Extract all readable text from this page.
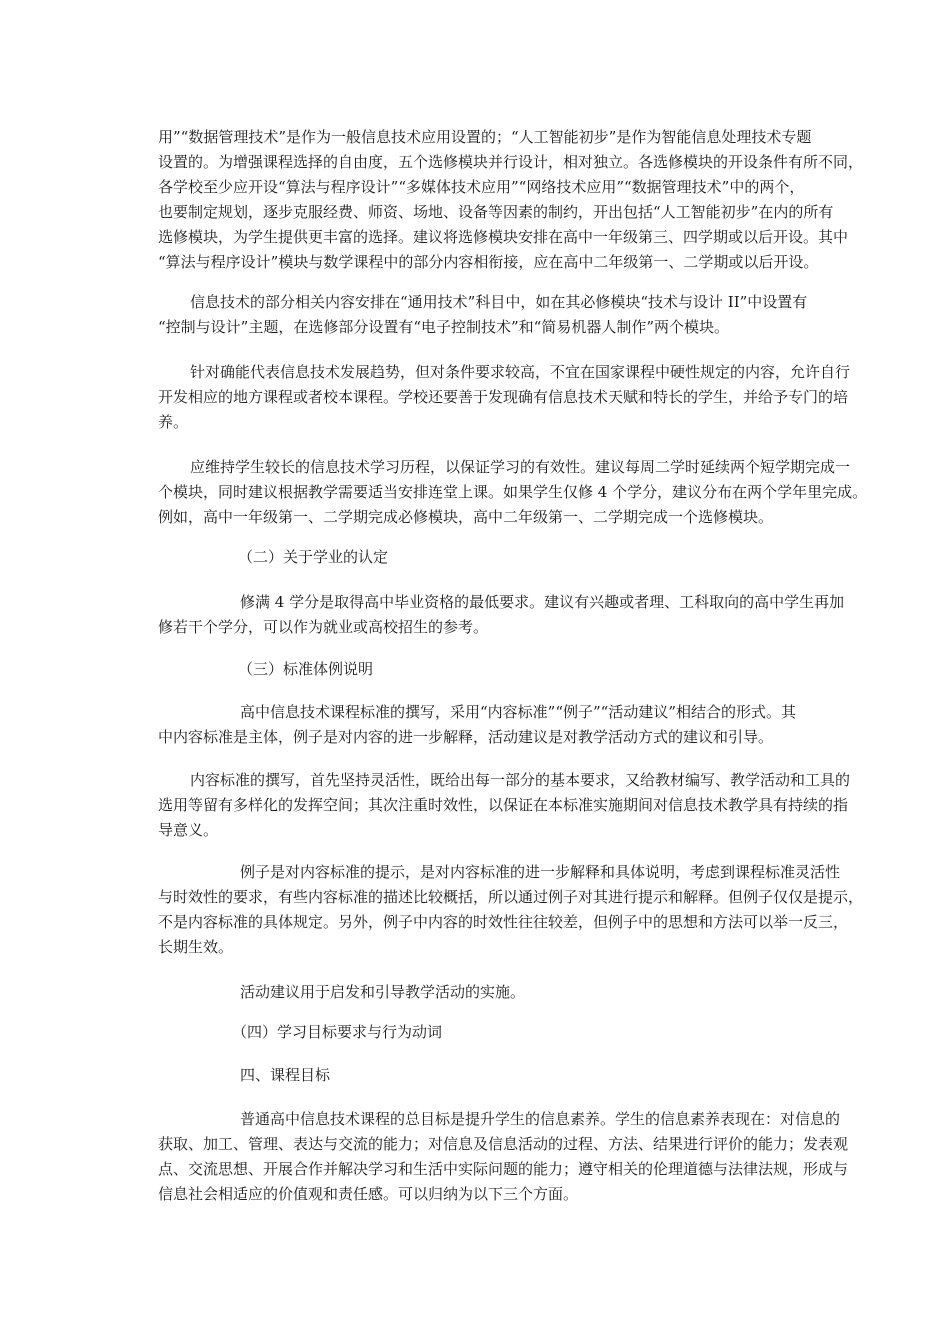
用”“数据管理技术”是作为一般信息技术应用设置的；“人工智能初步”是作为智能信息处理技术专题
设置的。为增强课程选择的自由度，五个选修模块并行设计，相对独立。各选修模块的开设条件有所不同，
各学校至少应开设“算法与程序设计”“多媒体技术应用”“网络技术应用”“数据管理技术”中的两个，
也要制定规划，逐步克服经费、师资、场地、设备等因素的制约，开出包括“人工智能初步”在内的所有
选修模块，为学生提供更丰富的选择。建议将选修模块安排在高中一年级第三、四学期或以后开设。其中
“算法与程序设计”模块与数学课程中的部分内容相衔接，应在高中二年级第一、二学期或以后开设。
信息技术的部分相关内容安排在“通用技术”科目中，如在其必修模块“技术与设计 II”中设置有
“控制与设计”主题，在选修部分设置有“电子控制技术”和“简易机器人制作”两个模块。
针对确能代表信息技术发展趋势，但对条件要求较高，不宜在国家课程中硬性规定的内容，允许自行
开发相应的地方课程或者校本课程。学校还要善于发现确有信息技术天赋和特长的学生，并给予专门的培
养。
应维持学生较长的信息技术学习历程，以保证学习的有效性。建议每周二学时延续两个短学期完成一
个模块，同时建议根据教学需要适当安排连堂上课。如果学生仅修 4 个学分，建议分布在两个学年里完成。
例如，高中一年级第一、二学期完成必修模块，高中二年级第一、二学期完成一个选修模块。
（二）关于学业的认定
修满 4 学分是取得高中毕业资格的最低要求。建议有兴趣或者理、工科取向的高中学生再加
修若干个学分，可以作为就业或高校招生的参考。
（三）标准体例说明
高中信息技术课程标准的撰写，采用“内容标准”“例子”“活动建议”相结合的形式。其
中内容标准是主体，例子是对内容的进一步解释，活动建议是对教学活动方式的建议和引导。
内容标准的撰写，首先坚持灵活性，既给出每一部分的基本要求，又给教材编写、教学活动和工具的
选用等留有多样化的发挥空间；其次注重时效性，以保证在本标准实施期间对信息技术教学具有持续的指
导意义。
例子是对内容标准的提示，是对内容标准的进一步解释和具体说明，考虑到课程标准灵活性
与时效性的要求，有些内容标准的描述比较概括，所以通过例子对其进行提示和解释。但例子仅仅是提示，
不是内容标准的具体规定。另外，例子中内容的时效性往往较差，但例子中的思想和方法可以举一反三，
长期生效。
活动建议用于启发和引导教学活动的实施。
（四）学习目标要求与行为动词
四、课程目标
普通高中信息技术课程的总目标是提升学生的信息素养。学生的信息素养表现在：对信息的
获取、加工、管理、表达与交流的能力；对信息及信息活动的过程、方法、结果进行评价的能力；发表观
点、交流思想、开展合作并解决学习和生活中实际问题的能力；遵守相关的伦理道德与法律法规，形成与
信息社会相适应的价值观和责任感。可以归纳为以下三个方面。
